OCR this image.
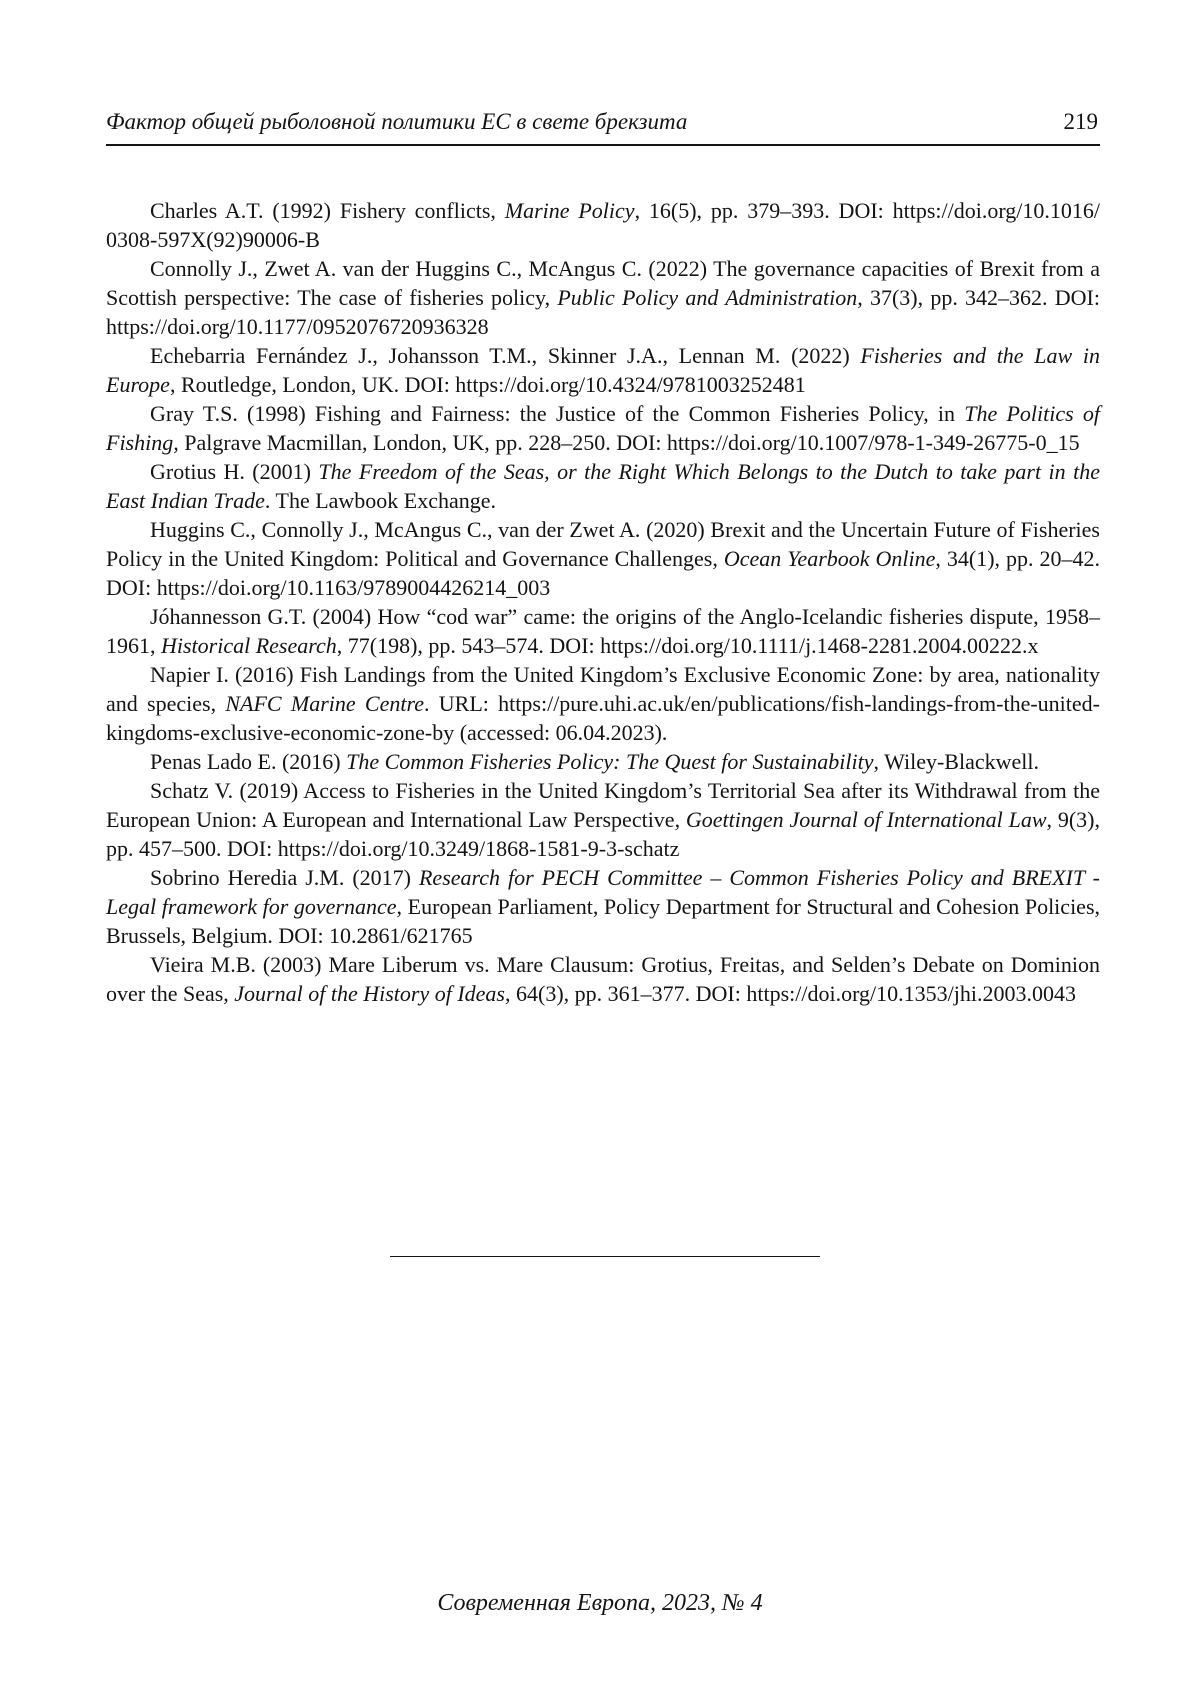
Фактор общей рыболовной политики ЕС в свете брекзита	219

Charles A.T. (1992) Fishery conflicts, Marine Policy, 16(5), pp. 379–393. DOI: https://doi.​org/​10.​1016/​0308-​597X(92)90006-​B

Connolly J., Zwet A. van der Huggins C., McAngus C. (2022) The governance capacities of Brexit from a Scottish perspective: The case of fisheries policy, Public Policy and Administration, 37(3), pp. 342–362. DOI: https://doi.​org/​10.​1177/​0952076720936328

Echebarria Fernández J., Johansson T.M., Skinner J.A., Lennan M. (2022) Fisheries and the Law in Europe, Routledge, London, UK. DOI: https://doi.​org/​10.​4324/​9781003252481

Gray T.S. (1998) Fishing and Fairness: the Justice of the Common Fisheries Policy, in The Politics of Fishing, Palgrave Macmillan, London, UK, pp. 228–250. DOI: https://doi.​org/​10.​1007/​978-​1-​349-​26775-​0_​15

Grotius H. (2001) The Freedom of the Seas, or the Right Which Belongs to the Dutch to take part in the East Indian Trade. The Lawbook Exchange.

Huggins C., Connolly J., McAngus C., van der Zwet A. (2020) Brexit and the Uncertain Future of Fisheries Policy in the United Kingdom: Political and Governance Challenges, Ocean Yearbook Online, 34(1), pp. 20–42. DOI: https://doi.​org/​10.​1163/​9789004426214_​003

Jóhannesson G.T. (2004) How “cod war” came: the origins of the Anglo-Icelandic fisheries dispute, 1958–1961, Historical Research, 77(198), pp. 543–574. DOI: https://doi.​org/​10.​1111/​j.​1468-​2281.​2004.​00222.​x

Napier I. (2016) Fish Landings from the United Kingdom’s Exclusive Economic Zone: by area, nationality and species, NAFC Marine Centre. URL: https://pure.​uhi.​ac.​uk/​en/​publications/​fish-​landings-​from-​the-​united-​kingdoms-​exclusive-​economic-​zone-​by (accessed: 06.​04.​2023).

Penas Lado E. (2016) The Common Fisheries Policy: The Quest for Sustainability, Wiley-Blackwell.

Schatz V. (2019) Access to Fisheries in the United Kingdom’s Territorial Sea after its Withdrawal from the European Union: A European and International Law Perspective, Goettingen Journal of International Law, 9(3), pp. 457–500. DOI: https://doi.​org/​10.​3249/​1868-​1581-​9-​3-​schatz

Sobrino Heredia J.M. (2017) Research for PECH Committee – Common Fisheries Policy and BREXIT - Legal framework for governance, European Parliament, Policy Department for Structural and Cohesion Policies, Brussels, Belgium. DOI: 10.2861/621765

Vieira M.B. (2003) Mare Liberum vs. Mare Clausum: Grotius, Freitas, and Selden’s Debate on Dominion over the Seas, Journal of the History of Ideas, 64(3), pp. 361–377. DOI: https://doi.​org/​10.​1353/​jhi.​2003.​0043

Современная Европа, 2023, № 4
